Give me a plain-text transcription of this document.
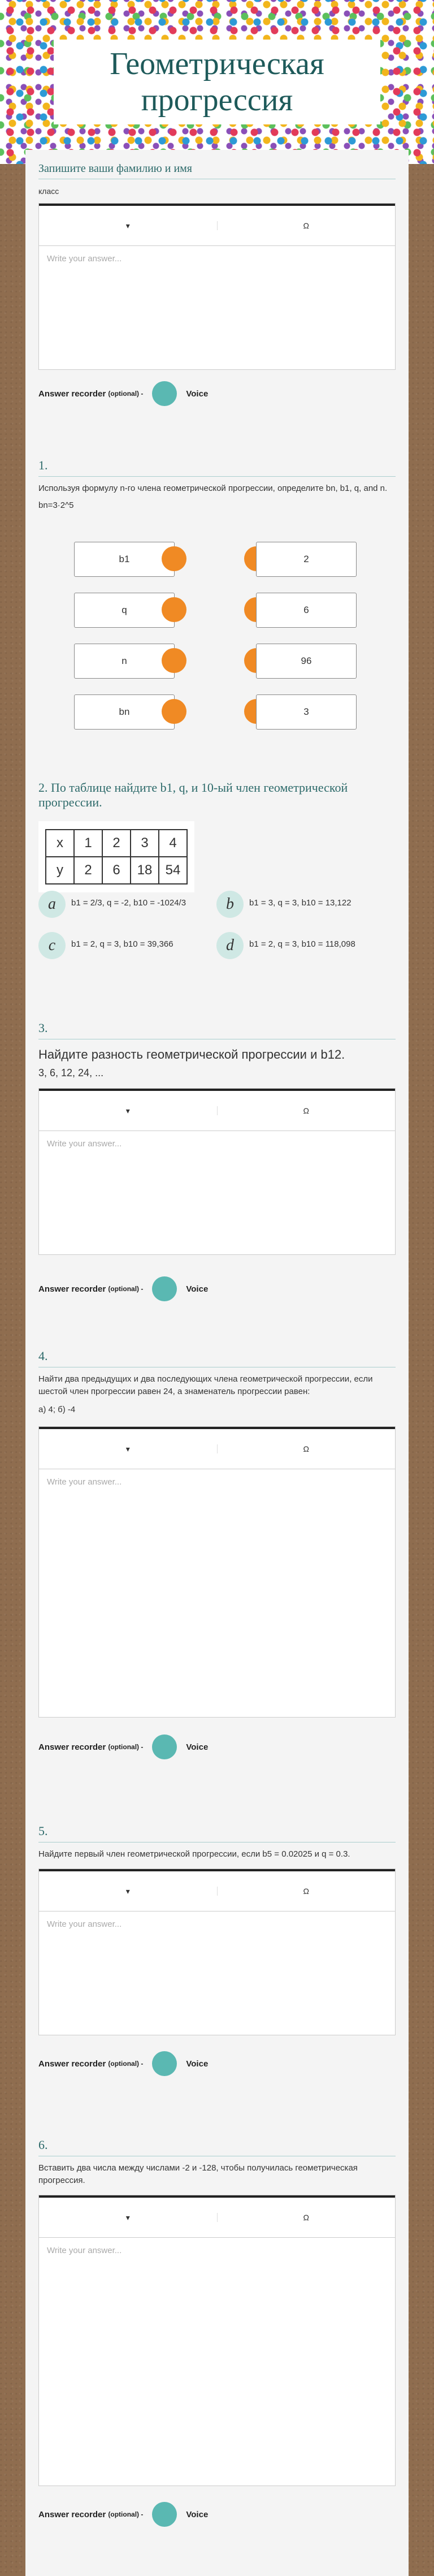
Геометрическая прогрессия
Запишите ваши фамилию и имя
класс
▾	Ω
Write your answer...
Answer recorder
(optional) -	Voice
1.
Используя формулу n-го члена геометрической прогрессии, определите bn, b1, q, and n.
bn=3·2^5
b1	2
q	6
n	96
bn	3
2. По таблице найдите b1, q, и 10-ый член геометрической прогрессии.
x	1	2	3	4
y	2	6	18	54
a	b1 = 2/3, q = -2, b10 = -1024/3	b	b1 = 3, q = 3, b10 = 13,122
c	b1 = 2, q = 3, b10 = 39,366	d	b1 = 2, q = 3, b10 = 118,098
3.
Найдите разность геометрической прогрессии и b12.
3, 6, 12, 24, ...
▾	Ω
Write your answer...
Answer recorder
(optional) -	Voice
4.
Найти два предыдущих и два последующих члена геометрической прогрессии, если шестой член прогрессии равен 24, а знаменатель прогрессии равен:
а) 4; б) -4
▾	Ω
Write your answer...
Answer recorder
(optional) -	Voice
5.
Найдите первый член геометрической прогрессии, если b5 = 0.02025 и q = 0.3.
▾	Ω
Write your answer...
Answer recorder
(optional) -	Voice
6.
Вставить два числа между числами -2 и -128, чтобы получилась геометрическая прогрессия.
▾	Ω
Write your answer...
Answer recorder
(optional) -	Voice
